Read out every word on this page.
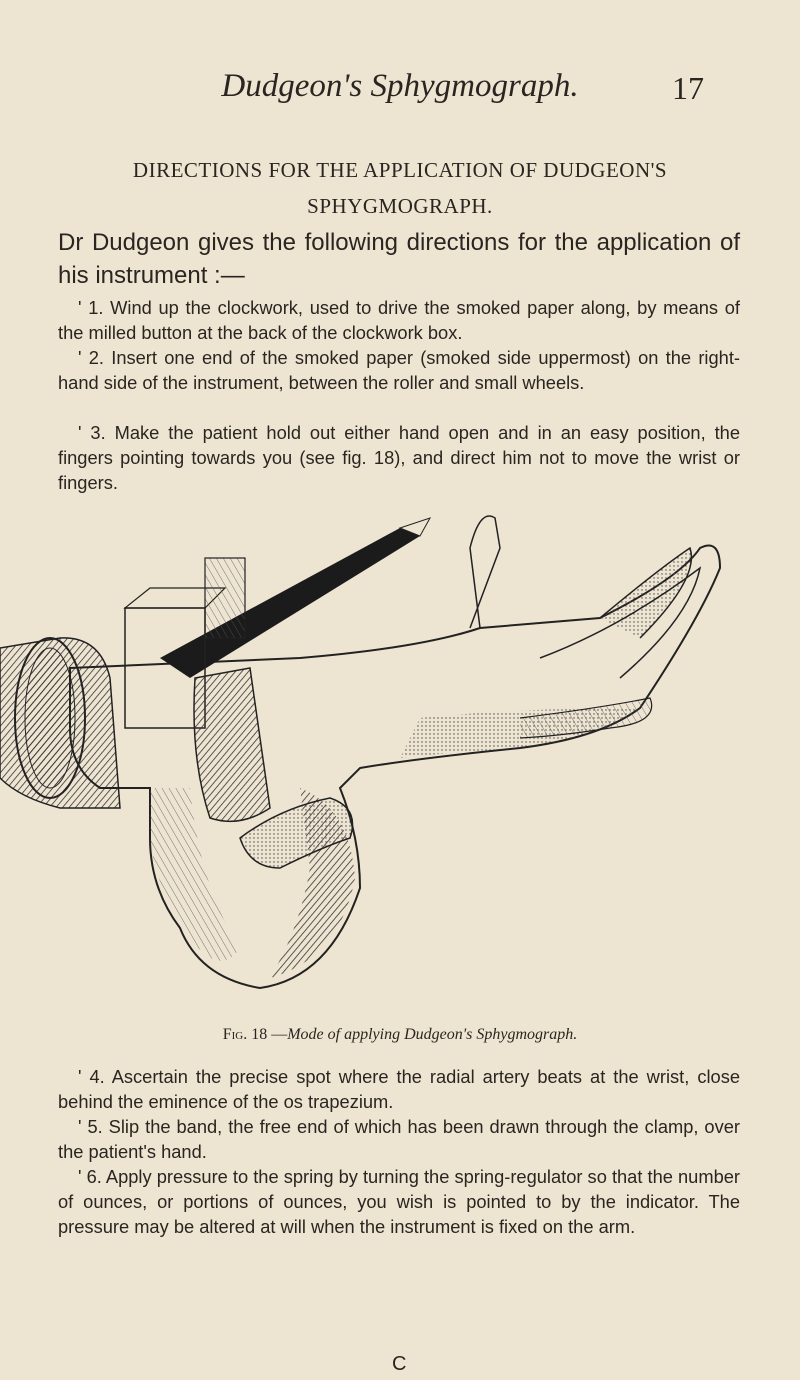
Dudgeon's Sphygmograph.	17
DIRECTIONS FOR THE APPLICATION OF DUDGEON'S
SPHYGMOGRAPH.
Dr Dudgeon gives the following directions for the application of his instrument :—
' 1. Wind up the clockwork, used to drive the smoked paper along, by means of the milled button at the back of the clockwork box.
' 2. Insert one end of the smoked paper (smoked side uppermost) on the right-hand side of the instrument, between the roller and small wheels.
' 3. Make the patient hold out either hand open and in an easy position, the fingers pointing towards you (see fig. 18), and direct him not to move the wrist or fingers.
Fig. 18 —Mode of applying Dudgeon's Sphygmograph.
' 4. Ascertain the precise spot where the radial artery beats at the wrist, close behind the eminence of the os trapezium.
' 5. Slip the band, the free end of which has been drawn through the clamp, over the patient's hand.
' 6. Apply pressure to the spring by turning the spring-regulator so that the number of ounces, or portions of ounces, you wish is pointed to by the indicator. The pressure may be altered at will when the instrument is fixed on the arm.
C
